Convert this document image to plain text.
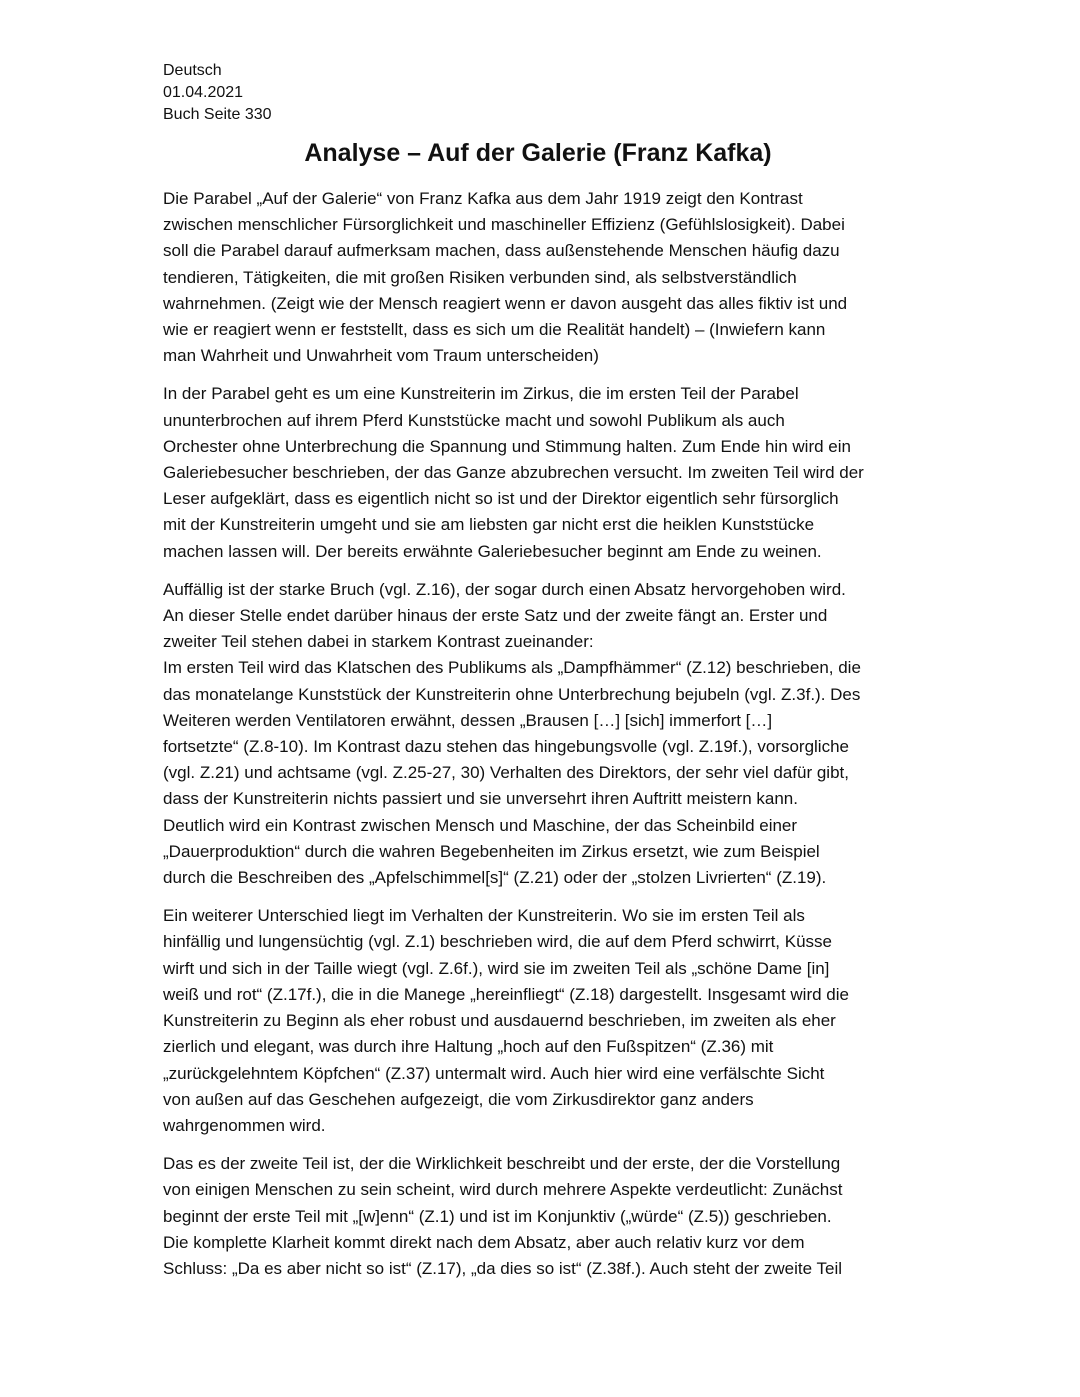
Deutsch

01.04.2021

Buch Seite 330

Analyse – Auf der Galerie (Franz Kafka)

Die Parabel „Auf der Galerie“ von Franz Kafka aus dem Jahr 1919 zeigt den Kontrast
zwischen menschlicher Fürsorglichkeit und maschineller Effizienz (Gefühlslosigkeit). Dabei
soll die Parabel darauf aufmerksam machen, dass außenstehende Menschen häufig dazu
tendieren, Tätigkeiten, die mit großen Risiken verbunden sind, als selbstverständlich
wahrnehmen. (Zeigt wie der Mensch reagiert wenn er davon ausgeht das alles fiktiv ist und
wie er reagiert wenn er feststellt, dass es sich um die Realität handelt) – (Inwiefern kann
man Wahrheit und Unwahrheit vom Traum unterscheiden)

In der Parabel geht es um eine Kunstreiterin im Zirkus, die im ersten Teil der Parabel
ununterbrochen auf ihrem Pferd Kunststücke macht und sowohl Publikum als auch
Orchester ohne Unterbrechung die Spannung und Stimmung halten. Zum Ende hin wird ein
Galeriebesucher beschrieben, der das Ganze abzubrechen versucht. Im zweiten Teil wird der
Leser aufgeklärt, dass es eigentlich nicht so ist und der Direktor eigentlich sehr fürsorglich
mit der Kunstreiterin umgeht und sie am liebsten gar nicht erst die heiklen Kunststücke
machen lassen will. Der bereits erwähnte Galeriebesucher beginnt am Ende zu weinen.

Auffällig ist der starke Bruch (vgl. Z.16), der sogar durch einen Absatz hervorgehoben wird.
An dieser Stelle endet darüber hinaus der erste Satz und der zweite fängt an. Erster und
zweiter Teil stehen dabei in starkem Kontrast zueinander:
Im ersten Teil wird das Klatschen des Publikums als „Dampfhämmer“ (Z.12) beschrieben, die
das monatelange Kunststück der Kunstreiterin ohne Unterbrechung bejubeln (vgl. Z.3f.). Des
Weiteren werden Ventilatoren erwähnt, dessen „Brausen […] [sich] immerfort […]
fortsetzte“ (Z.8-10). Im Kontrast dazu stehen das hingebungsvolle (vgl. Z.19f.), vorsorgliche
(vgl. Z.21) und achtsame (vgl. Z.25-27, 30) Verhalten des Direktors, der sehr viel dafür gibt,
dass der Kunstreiterin nichts passiert und sie unversehrt ihren Auftritt meistern kann.
Deutlich wird ein Kontrast zwischen Mensch und Maschine, der das Scheinbild einer
„Dauerproduktion“ durch die wahren Begebenheiten im Zirkus ersetzt, wie zum Beispiel
durch die Beschreiben des „Apfelschimmel[s]“ (Z.21) oder der „stolzen Livrierten“ (Z.19).

Ein weiterer Unterschied liegt im Verhalten der Kunstreiterin. Wo sie im ersten Teil als
hinfällig und lungensüchtig (vgl. Z.1) beschrieben wird, die auf dem Pferd schwirrt, Küsse
wirft und sich in der Taille wiegt (vgl. Z.6f.), wird sie im zweiten Teil als „schöne Dame [in]
weiß und rot“ (Z.17f.), die in die Manege „hereinfliegt“ (Z.18) dargestellt. Insgesamt wird die
Kunstreiterin zu Beginn als eher robust und ausdauernd beschrieben, im zweiten als eher
zierlich und elegant, was durch ihre Haltung „hoch auf den Fußspitzen“ (Z.36) mit
„zurückgelehntem Köpfchen“ (Z.37) untermalt wird. Auch hier wird eine verfälschte Sicht
von außen auf das Geschehen aufgezeigt, die vom Zirkusdirektor ganz anders
wahrgenommen wird.

Das es der zweite Teil ist, der die Wirklichkeit beschreibt und der erste, der die Vorstellung
von einigen Menschen zu sein scheint, wird durch mehrere Aspekte verdeutlicht: Zunächst
beginnt der erste Teil mit „[w]enn“ (Z.1) und ist im Konjunktiv („würde“ (Z.5)) geschrieben.
Die komplette Klarheit kommt direkt nach dem Absatz, aber auch relativ kurz vor dem
Schluss: „Da es aber nicht so ist“ (Z.17), „da dies so ist“ (Z.38f.). Auch steht der zweite Teil
